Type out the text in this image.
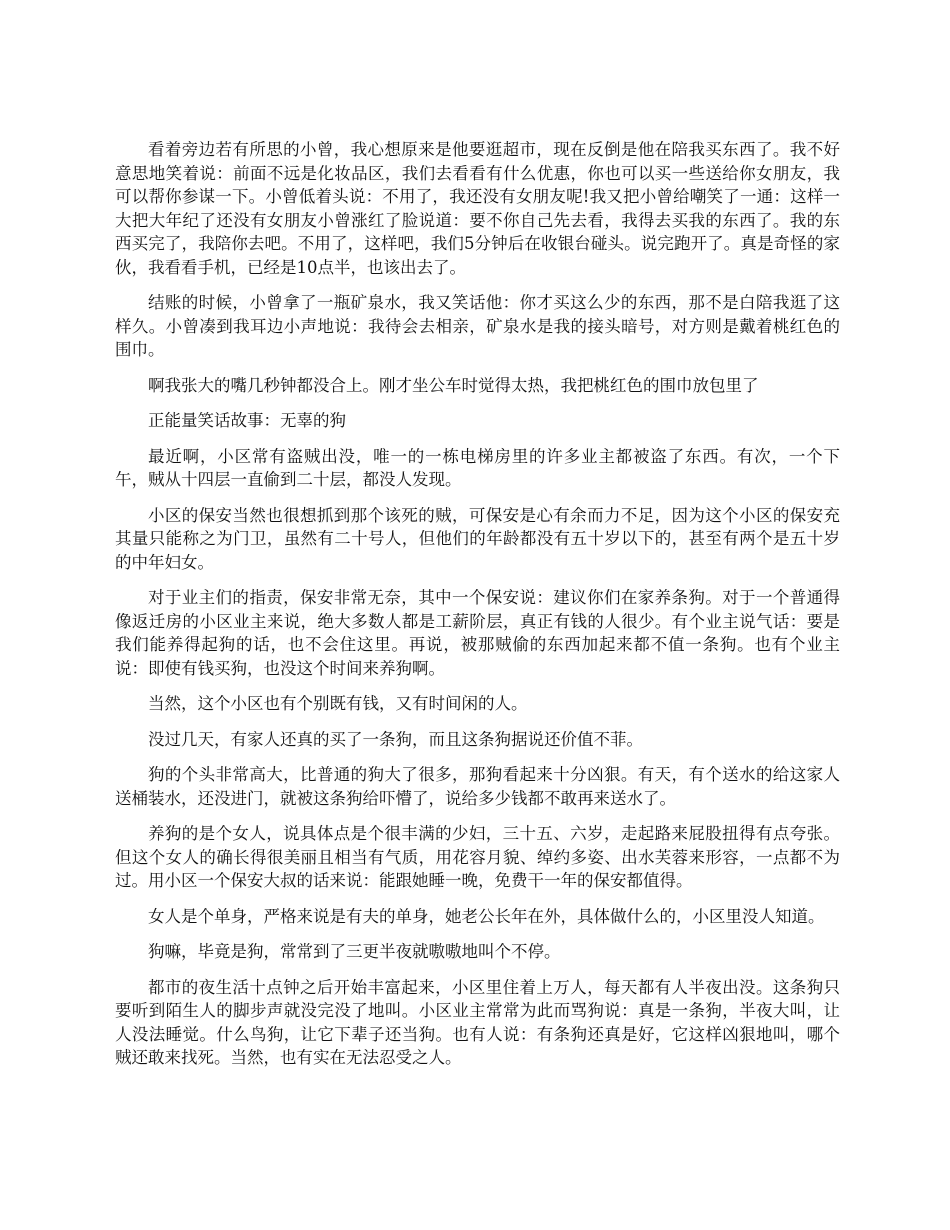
看着旁边若有所思的小曾，我心想原来是他要逛超市，现在反倒是他在陪我买东西了。我不好意思地笑着说：前面不远是化妆品区，我们去看看有什么优惠，你也可以买一些送给你女朋友，我可以帮你参谋一下。小曾低着头说：不用了，我还没有女朋友呢!我又把小曾给嘲笑了一通：这样一大把大年纪了还没有女朋友小曾涨红了脸说道：要不你自己先去看，我得去买我的东西了。我的东西买完了，我陪你去吧。不用了，这样吧，我们5分钟后在收银台碰头。说完跑开了。真是奇怪的家伙，我看看手机，已经是10点半，也该出去了。

结账的时候，小曾拿了一瓶矿泉水，我又笑话他：你才买这么少的东西，那不是白陪我逛了这样久。小曾凑到我耳边小声地说：我待会去相亲，矿泉水是我的接头暗号，对方则是戴着桃红色的围巾。

啊我张大的嘴几秒钟都没合上。刚才坐公车时觉得太热，我把桃红色的围巾放包里了

正能量笑话故事：无辜的狗

最近啊，小区常有盗贼出没，唯一的一栋电梯房里的许多业主都被盗了东西。有次，一个下午，贼从十四层一直偷到二十层，都没人发现。

小区的保安当然也很想抓到那个该死的贼，可保安是心有余而力不足，因为这个小区的保安充其量只能称之为门卫，虽然有二十号人，但他们的年龄都没有五十岁以下的，甚至有两个是五十岁的中年妇女。

对于业主们的指责，保安非常无奈，其中一个保安说：建议你们在家养条狗。对于一个普通得像返迁房的小区业主来说，绝大多数人都是工薪阶层，真正有钱的人很少。有个业主说气话：要是我们能养得起狗的话，也不会住这里。再说，被那贼偷的东西加起来都不值一条狗。也有个业主说：即使有钱买狗，也没这个时间来养狗啊。

当然，这个小区也有个别既有钱，又有时间闲的人。

没过几天，有家人还真的买了一条狗，而且这条狗据说还价值不菲。

狗的个头非常高大，比普通的狗大了很多，那狗看起来十分凶狠。有天，有个送水的给这家人送桶装水，还没进门，就被这条狗给吓懵了，说给多少钱都不敢再来送水了。

养狗的是个女人，说具体点是个很丰满的少妇，三十五、六岁，走起路来屁股扭得有点夸张。但这个女人的确长得很美丽且相当有气质，用花容月貌、绰约多姿、出水芙蓉来形容，一点都不为过。用小区一个保安大叔的话来说：能跟她睡一晚，免费干一年的保安都值得。

女人是个单身，严格来说是有夫的单身，她老公长年在外，具体做什么的，小区里没人知道。

狗嘛，毕竟是狗，常常到了三更半夜就嗷嗷地叫个不停。

都市的夜生活十点钟之后开始丰富起来，小区里住着上万人，每天都有人半夜出没。这条狗只要听到陌生人的脚步声就没完没了地叫。小区业主常常为此而骂狗说：真是一条狗，半夜大叫，让人没法睡觉。什么鸟狗，让它下辈子还当狗。也有人说：有条狗还真是好，它这样凶狠地叫，哪个贼还敢来找死。当然，也有实在无法忍受之人。
